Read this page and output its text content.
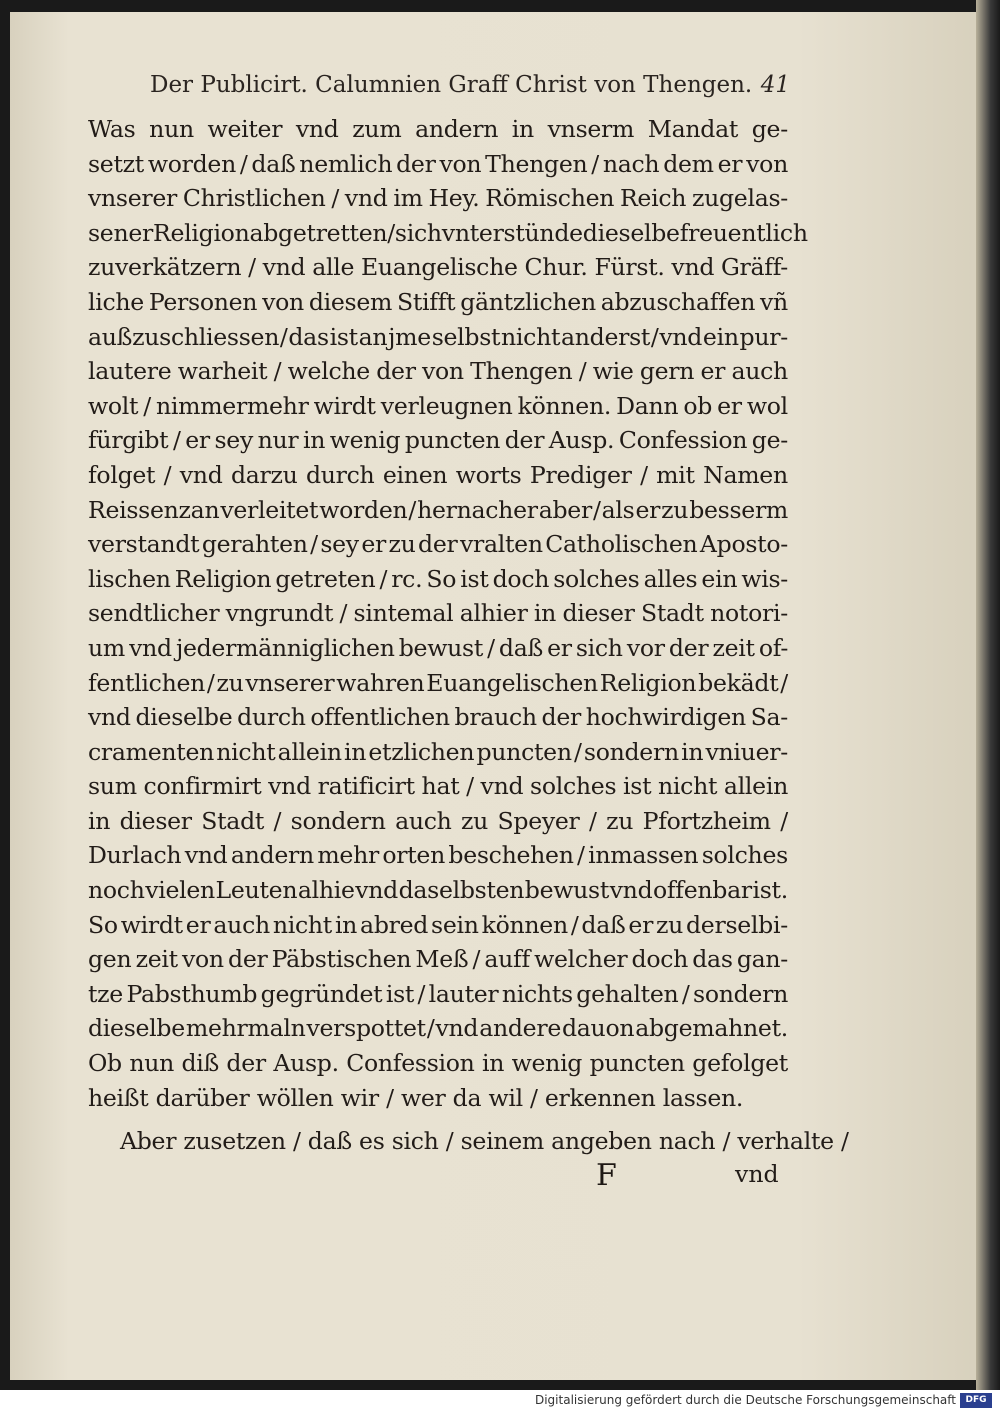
Der Publicirt. Calumnien Graff Christ von Thengen. 41
Was nun weiter vnd zum andern in vnserm Mandat ge-
setzt worden / daß nemlich der von Thengen / nach dem er von
vnserer Christlichen / vnd im Hey. Römischen Reich zugelas-
sener Religion abgetretten / sich vnterstünde dieselbe freuentlich
zuverkätzern / vnd alle Euangelische Chur. Fürst. vnd Gräff-
liche Personen von diesem Stifft gäntzlichen abzuschaffen vñ
außzuschliessen / das ist an jme selbst nicht anderst / vnd ein pur-
lautere warheit / welche der von Thengen / wie gern er auch
wolt / nimmermehr wirdt verleugnen können. Dann ob er wol
fürgibt / er sey nur in wenig puncten der Ausp. Confession ge-
folget / vnd darzu durch einen worts Prediger / mit Namen
Reissenzan verleitet worden / hernacher aber / als er zu besserm
verstandt gerahten / sey er zu der vralten Catholischen Aposto-
lischen Religion getreten / rc. So ist doch solches alles ein wis-
sendtlicher vngrundt / sintemal alhier in dieser Stadt notori-
um vnd jedermänniglichen bewust / daß er sich vor der zeit of-
fentlichen / zu vnserer wahren Euangelischen Religion bekädt /
vnd dieselbe durch offentlichen brauch der hochwirdigen Sa-
cramenten nicht allein in etzlichen puncten / sondern in vniuer-
sum confirmirt vnd ratificirt hat / vnd solches ist nicht allein
in dieser Stadt / sondern auch zu Speyer / zu Pfortzheim /
Durlach vnd andern mehr orten beschehen / inmassen solches
noch vielen Leuten alhie vnd daselbsten bewust vnd offenbar ist.
So wirdt er auch nicht in abred sein können / daß er zu derselbi-
gen zeit von der Päbstischen Meß / auff welcher doch das gan-
tze Pabsthumb gegründet ist / lauter nichts gehalten / sondern
dieselbe mehrmaln verspottet / vnd andere dauon abgemahnet.
Ob nun diß der Ausp. Confession in wenig puncten gefolget
heißt darüber wöllen wir / wer da wil / erkennen lassen.
Aber zusetzen / daß es sich / seinem angeben nach / verhalte /
F	vnd
Digitalisierung gefördert durch die Deutsche Forschungsgemeinschaft	DFG
